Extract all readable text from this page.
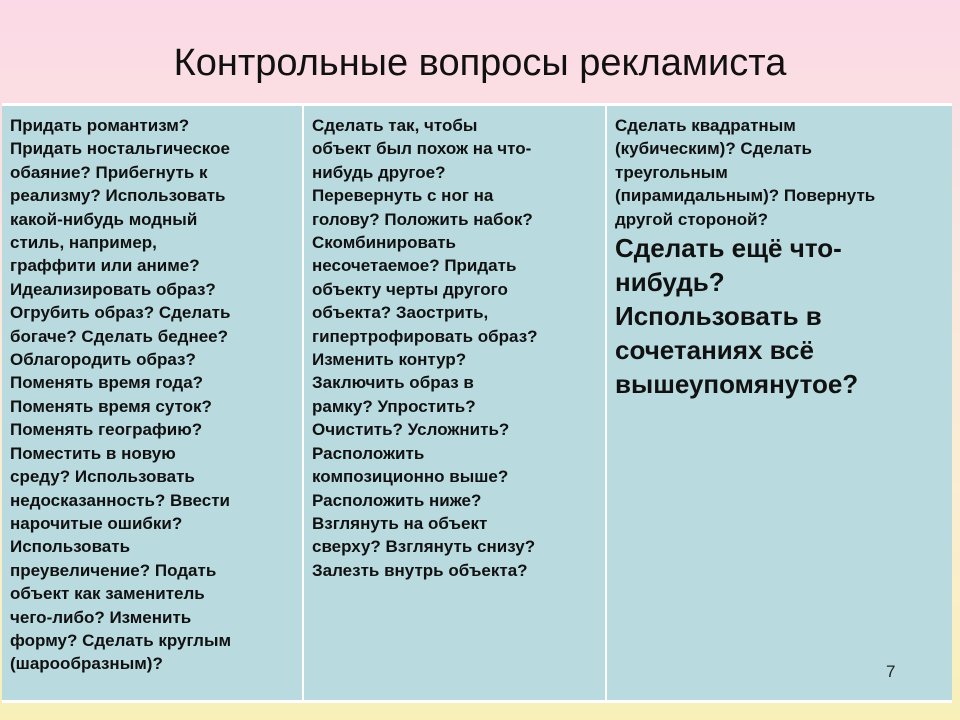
Контрольные вопросы рекламиста
Придать романтизм?
Придать ностальгическое
обаяние? Прибегнуть к
реализму? Использовать
какой-нибудь модный
стиль, например,
граффити или аниме?
Идеализировать образ?
Огрубить образ? Сделать
богаче? Сделать беднее?
Облагородить образ?
Поменять время года?
Поменять время суток?
Поменять географию?
Поместить в новую
среду? Использовать
недосказанность? Ввести
нарочитые ошибки?
Использовать
преувеличение? Подать
объект как заменитель
чего-либо? Изменить
форму? Сделать круглым
(шарообразным)?
Сделать так, чтобы
объект был похож на что-
нибудь другое?
Перевернуть с ног на
голову? Положить набок?
Скомбинировать
несочетаемое? Придать
объекту черты другого
объекта? Заострить,
гипертрофировать образ?
Изменить контур?
Заключить образ в
рамку? Упростить?
Очистить? Усложнить?
Расположить
композиционно выше?
Расположить ниже?
Взглянуть на объект
сверху? Взглянуть снизу?
Залезть внутрь объекта?
Сделать квадратным
(кубическим)? Сделать
треугольным
(пирамидальным)? Повернуть
другой стороной?
Сделать ещё что-
нибудь?
Использовать в
сочетаниях всё
вышеупомянутое?
7
